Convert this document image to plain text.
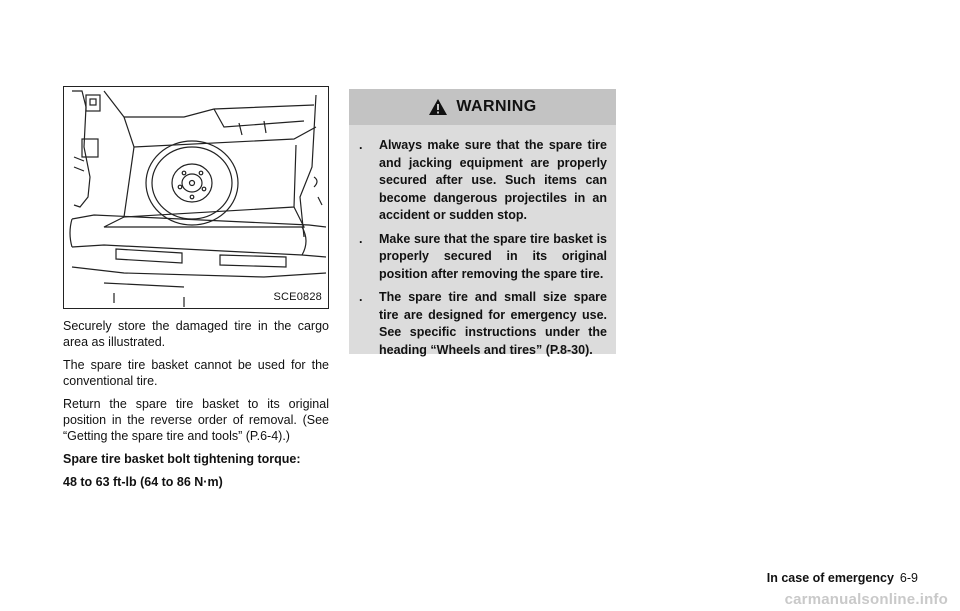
SCE0828

Securely store the damaged tire in the cargo area as illustrated.

The spare tire basket cannot be used for the conventional tire.

Return the spare tire basket to its original position in the reverse order of removal. (See “Getting the spare tire and tools” (P.6-4).)

Spare tire basket bolt tightening torque:

48 to 63 ft-lb (64 to 86 N·m)

WARNING
. Always make sure that the spare tire and jacking equipment are properly secured after use. Such items can become dangerous projectiles in an accident or sudden stop.
. Make sure that the spare tire basket is properly secured in its original position after removing the spare tire.
. The spare tire and small size spare tire are designed for emergency use. See specific instructions under the heading “Wheels and tires” (P.8-30).
In case of emergency 6-9
carmanualsonline.info
